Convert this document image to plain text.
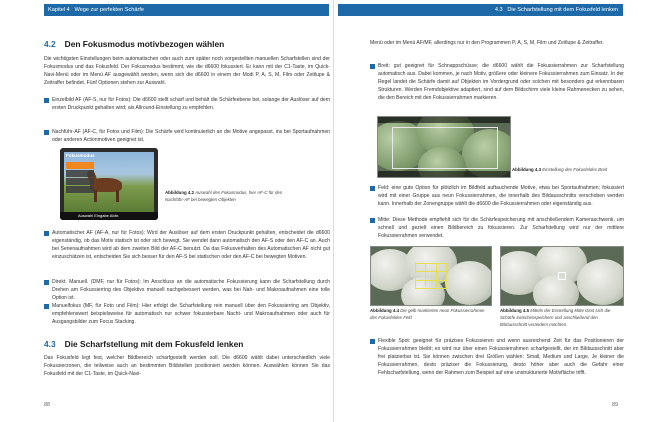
Kapitel 4 Wege zur perfekten Schärfe
4.2 Den Fokusmodus motivbezogen wählen
Die wichtigsten Einstellungen beim automatischen oder auch zum später noch vorgestellten manuellen Scharfstellen sind der Fokusmodus und das Fokusfeld. Der Fokusmodus bestimmt, wie die d6600 fokussiert. Er kann mit der C1-Taste, im Quick-Navi-Menü oder im Menü AF ausgewählt werden, wenn sich die d6600 in einem der Modi P, A, S, M, Film oder Zeitlupe & Zeitraffer befindet. Fünf Optionen stehen zur Auswahl.
Einzelbild AF (AF-S, nur für Fotos): Die d6600 stellt scharf und behält die Schärfeebene bei, solange der Auslöser auf dem ersten Druckpunkt gehalten wird; als Allround-Einstellung zu empfehlen.
Nachführ-AF (AF-C, für Fotos und Film): Die Schärfe wird kontinuierlich an die Motive angepasst, ins bei Sportaufnahmen oder anderen Actionmotiven geeignet ist.
Fokusmodus
Auswahl Eingabe Abbr.
Abbildung 4.2 Auswahl des Fokusmodus, hier AF-C für den Nachführ-AF bei bewegten Objekten
Automatischer AF (AF-A, nur für Fotos): Wird der Auslöser auf dem ersten Druckpunkt gehalten, entscheidet die d6600 eigenständig, ob das Motiv statisch ist oder sich bewegt. Sie wendet dann automatisch den AF-S oder den AF-C an. Auch bei Serienaufnahmen wird ab dem zweiten Bild der AF-C benutzt. Da das Fokusverhalten des Automatischen AF nicht gut einzuschätzen ist, entscheiden Sie sich besser für den AF-S bei statischen oder den AF-C bei bewegten Motiven.
Direkt. Manuell. (DMF, nur für Fotos): Im Anschluss an die automatische Fokussierung kann die Scharfstellung durch Drehen am Fokussierring des Objektivs manuell nachgebessert werden, was bei Nah- und Makroaufnahmen eine tolle Option ist.
Manuelfokus (MF, für Foto und Film): Hier erfolgt die Scharfstellung rein manuell über den Fokussierring am Objektiv, empfehlenswert beispielsweise für automatisch nur schwer fokussierbare Nacht- und Makroaufnahmen oder auch für Ausgangsbilder zum Focus Stacking.
4.3 Die Scharfstellung mit dem Fokusfeld lenken
Das Fokusfeld legt fest, welcher Bildbereich scharfgestellt werden soll. Die d6600 wählt dabei unterschiedlich viele Fokussierzonen, die teilweise auch an bestimmten Bildstellen positioniert werden können. Auswählen können Sie das Fokusfeld mit der C1-Taste, im Quick-Navi-
88
4.3 Die Scharfstellung mit dem Fokusfeld lenken
Menü oder im Menü AF/MF, allerdings nur in den Programmen P, A, S, M, Film und Zeitlupe & Zeitraffer.
Breit: gut geeignet für Schnappschüsse; die d6600 wählt die Fokussierrahmen zur Scharfstellung automatisch aus. Dabei kommen, je nach Motiv, größere oder kleinere Fokussierrahmen zum Einsatz. In der Regel landet die Schärfe damit auf Objekten im Vordergrund oder solchen mit besonders gut erkennbaren Strukturen. Werden Fremdobjektive adaptiert, sind auf dem Bildschirm viele kleine Rahmenecken zu sehen, die den Bereich mit den Fokussierrahmen markieren.
Abbildung 4.3 Einstellung des Fokusfeldes Breit
Feld: eine gute Option für plötzlich im Bildfeld auftauchende Motive, etwa bei Sportaufnahmen; fokussiert wird mit einer Gruppe aus neun Fokussierrahmen, die innerhalb des Bildausschnitts verschoben werden kann. Innerhalb der Zonengruppe wählt die d6600 die Fokussierrahmen oder eigenständig aus.
Mitte: Diese Methode empfiehlt sich für die Schärfespeicherung mit anschließendem Kameraschwenk, um schnell und gezielt einen Bildbereich zu fokussieren. Zur Scharfstellung wird nur der mittlere Fokussierrahmen verwendet.
Abbildung 4.4 Die gelb markierten neun Fokussierrahmen des Fokusfeldes Feld
Abbildung 4.5 Mittels der Einstellung Mitte lässt sich die Schärfe zwischenspeichern und anschließend den Bildausschnitt verändern möchten.
Flexible Spot: geeignet für präzises Fokussieren und wenn ausreichend Zeit für das Positionieren der Fokussierrahmen bleibt; es wird nur über einen Fokussierrahmen scharfgestellt, der im Bildausschnitt aber frei platzierbar ist. Sie können zwischen drei Größen wählen: Small, Medium und Large. Je kleiner die Fokussierrahmen, desto präziser die Fokussierung, desto höher aber auch die Gefahr einer Fehlscharfstellung, wenn der Rahmen zum Beispiel auf eine unstrukturierte Motivfläche trifft.
89
